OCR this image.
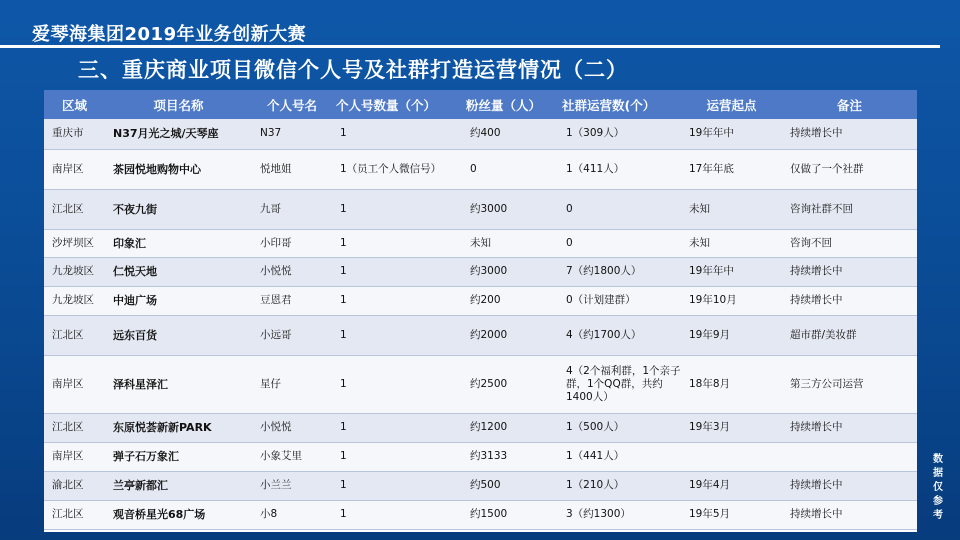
爱琴海集团2019年业务创新大赛
三、重庆商业项目微信个人号及社群打造运营情况（二）
区域	项目名称	个人号名	个人号数量（个）	粉丝量（人）	社群运营数(个）	运营起点	备注
重庆市	N37月光之城/天琴座	N37	1	约400	1（309人）	19年年中	持续增长中
南岸区	茶园悦地购物中心	悦地姐	1（员工个人微信号）	0	1（411人）	17年年底	仅做了一个社群
江北区	不夜九街	九哥	1	约3000	0	未知	咨询社群不回
沙坪坝区	印象汇	小印哥	1	未知	0	未知	咨询不回
九龙坡区	仁悦天地	小悦悦	1	约3000	7（约1800人）	19年年中	持续增长中
九龙坡区	中迪广场	豆恩君	1	约200	0（计划建群）	19年10月	持续增长中
江北区	远东百货	小远哥	1	约2000	4（约1700人）	19年9月	超市群/美妆群
南岸区	泽科星泽汇	星仔	1	约2500	4（2个福利群，1个亲子群，1个QQ群，共约1400人）	18年8月	第三方公司运营
江北区	东原悦荟新新PARK	小悦悦	1	约1200	1（500人）	19年3月	持续增长中
南岸区	弹子石万象汇	小象艾里	1	约3133	1（441人）		
渝北区	兰亭新都汇	小兰兰	1	约500	1（210人）	19年4月	持续增长中
江北区	观音桥星光68广场	小8	1	约1500	3（约1300）	19年5月	持续增长中
数
据
仅
参
考
